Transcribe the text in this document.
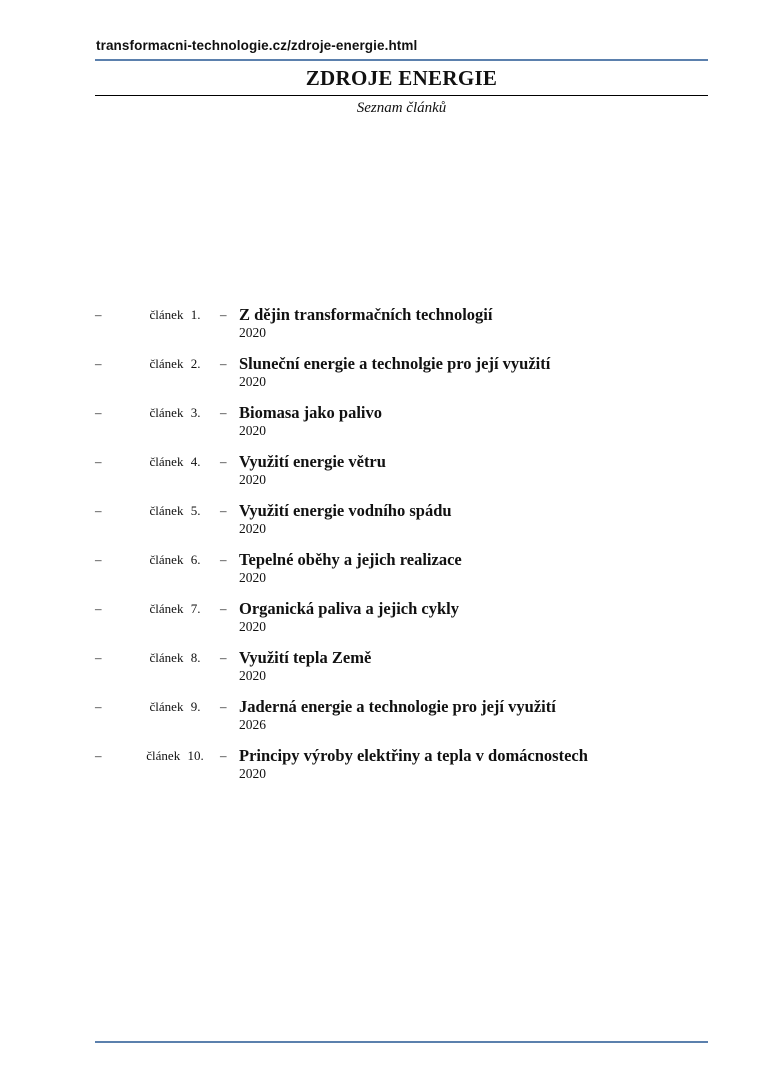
transformacni-technologie.cz/zdroje-energie.html
ZDROJE ENERGIE
Seznam článků
–	článek 1.	– Z dějin transformačních technologií
2020
–	článek 2.	– Sluneční energie a technolgie pro její využití
2020
–	článek 3.	– Biomasa jako palivo
2020
–	článek 4.	– Využití energie větru
2020
–	článek 5.	– Využití energie vodního spádu
2020
–	článek 6.	– Tepelné oběhy a jejich realizace
2020
–	článek 7.	– Organická paliva a jejich cykly
2020
–	článek 8.	– Využití tepla Země
2020
–	článek 9.	– Jaderná energie a technologie pro její využití
2026
–	článek 10.	– Principy výroby elektřiny a tepla v domácnostech
2020
